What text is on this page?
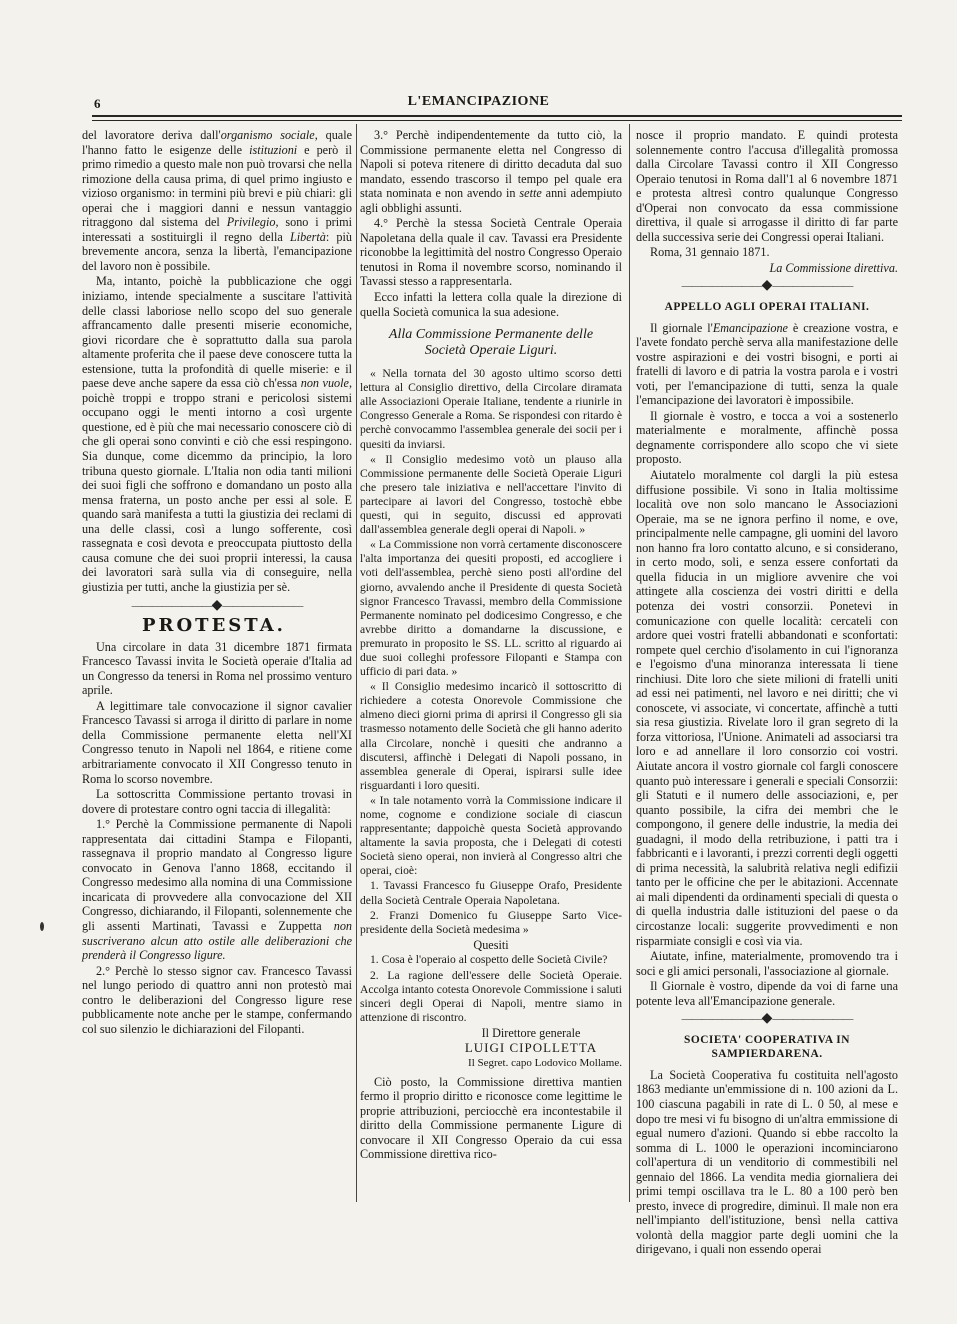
6	L'EMANCIPAZIONE

del lavoratore deriva dall'organismo sociale, quale l'hanno fatto le esigenze delle istituzioni e però il primo rimedio a questo male non può trovarsi che nella rimozione della causa prima, di quel primo ingiusto e vizioso organismo: in termini più brevi e più chiari: gli operai che i maggiori danni e nessun vantaggio ritraggono dal sistema del Privilegio, sono i primi interessati a sostituirgli il regno della Libertà: più brevemente ancora, senza la libertà, l'emancipazione del lavoro non è possibile.

Ma, intanto, poichè la pubblicazione che oggi iniziamo, intende specialmente a suscitare l'attività delle classi laboriose nello scopo del suo generale affrancamento dalle presenti miserie economiche, giovi ricordare che è soprattutto dalla sua parola altamente proferita che il paese deve conoscere tutta la estensione, tutta la profondità di quelle miserie: e il paese deve anche sapere da essa ciò ch'essa non vuole, poichè troppi e troppo strani e pericolosi sistemi occupano oggi le menti intorno a così urgente questione, ed è più che mai necessario conoscere ciò di che gli operai sono convinti e ciò che essi respingono. Sia dunque, come dicemmo da principio, la loro tribuna questo giornale. L'Italia non odia tanti milioni dei suoi figli che soffrono e domandano un posto alla mensa fraterna, un posto anche per essi al sole. E quando sarà manifesta a tutti la giustizia dei reclami di una delle classi, così a lungo sofferente, così rassegnata e così devota e preoccupata piuttosto della causa comune che dei suoi proprii interessi, la causa dei lavoratori sarà sulla via di conseguire, nella giustizia per tutti, anche la giustizia per sè.

———————— ◆ ————————
PROTESTA.

Una circolare in data 31 dicembre 1871 firmata Francesco Tavassi invita le Società operaie d'Italia ad un Congresso da tenersi in Roma nel prossimo venturo aprile.

A legittimare tale convocazione il signor cavalier Francesco Tavassi si arroga il diritto di parlare in nome della Commissione permanente eletta nell'XI Congresso tenuto in Napoli nel 1864, e ritiene come arbitrariamente convocato il XII Congresso tenuto in Roma lo scorso novembre.

La sottoscritta Commissione pertanto trovasi in dovere di protestare contro ogni taccia di illegalità:

1.° Perchè la Commissione permanente di Napoli rappresentata dai cittadini Stampa e Filopanti, rassegnava il proprio mandato al Congresso ligure convocato in Genova l'anno 1868, eccitando il Congresso medesimo alla nomina di una Commissione incaricata di provvedere alla convocazione del XII Congresso, dichiarando, il Filopanti, solennemente che gli assenti Martinati, Tavassi e Zuppetta non suscriverano alcun atto ostile alle deliberazioni che prenderà il Congresso ligure.

2.° Perchè lo stesso signor cav. Francesco Tavassi nel lungo periodo di quattro anni non protestò mai contro le deliberazioni del Congresso ligure rese pubblicamente note anche per le stampe, confermando col suo silenzio le dichiarazioni del Filopanti.

3.° Perchè indipendentemente da tutto ciò, la Commissione permanente eletta nel Congresso di Napoli si poteva ritenere di diritto decaduta dal suo mandato, essendo trascorso il tempo pel quale era stata nominata e non avendo in sette anni adempiuto agli obblighi assunti.

4.° Perchè la stessa Società Centrale Operaia Napoletana della quale il cav. Tavassi era Presidente riconobbe la legittimità del nostro Congresso Operaio tenutosi in Roma il novembre scorso, nominando il Tavassi stesso a rappresentarla.

Ecco infatti la lettera colla quale la direzione di quella Società comunica la sua adesione.

Alla Commissione Permanente delle
Società Operaie Liguri.

« Nella tornata del 30 agosto ultimo scorso detti lettura al Consiglio direttivo, della Circolare diramata alle Associazioni Operaie Italiane, tendente a riunirle in Congresso Generale a Roma. Se rispondesi con ritardo è perchè convocammo l'assemblea generale dei socii per i quesiti da inviarsi.

« Il Consiglio medesimo votò un plauso alla Commissione permanente delle Società Operaie Liguri che presero tale iniziativa e nell'accettare l'invito di partecipare ai lavori del Congresso, tostochè ebbe questi, qui in seguito, discussi ed approvati dall'assemblea generale degli operai di Napoli. »

« La Commissione non vorrà certamente disconoscere l'alta importanza dei quesiti proposti, ed accogliere i voti dell'assemblea, perchè sieno posti all'ordine del giorno, avvalendo anche il Presidente di questa Società signor Francesco Travassi, membro della Commissione Permanente nominato pel dodicesimo Congresso, e che avrebbe diritto a domandarne la discussione, e premurato in proposito le SS. LL. scritto al riguardo ai due suoi colleghi professore Filopanti e Stampa con ufficio di pari data. »

« Il Consiglio medesimo incaricò il sottoscritto di richiedere a cotesta Onorevole Commissione che almeno dieci giorni prima di aprirsi il Congresso gli sia trasmesso notamento delle Società che gli hanno aderito alla Circolare, nonchè i quesiti che andranno a discutersi, affinchè i Delegati di Napoli possano, in assemblea generale di Operai, ispirarsi sulle idee risguardanti i loro quesiti.

« In tale notamento vorrà la Commissione indicare il nome, cognome e condizione sociale di ciascun rappresentante; dappoichè questa Società approvando altamente la savia proposta, che i Delegati di cotesti Società sieno operai, non invierà al Congresso altri che operai, cioè:

1. Tavassi Francesco fu Giuseppe Orafo, Presidente della Società Centrale Operaia Napoletana.

2. Franzi Domenico fu Giuseppe Sarto Vice-presidente della Società medesima »

Quesiti

1. Cosa è l'operaio al cospetto delle Società Civile?

2. La ragione dell'essere delle Società Operaie. Accolga intanto cotesta Onorevole Commissione i saluti sinceri degli Operai di Napoli, mentre siamo in attenzione di riscontro.

Il Direttore generale

LUIGI CIPOLLETTA

Il Segret. capo Lodovico Mollame.

Ciò posto, la Commissione direttiva mantien fermo il proprio diritto e riconosce come legittime le proprie attribuzioni, perciocchè era incontestabile il diritto della Commissione permanente Ligure di convocare il XII Congresso Operaio da cui essa Commissione direttiva rico-

nosce il proprio mandato. E quindi protesta solennemente contro l'accusa d'illegalità promossa dalla Circolare Tavassi contro il XII Congresso Operaio tenutosi in Roma dall'1 al 6 novembre 1871 e protesta altresì contro qualunque Congresso d'Operai non convocato da essa commissione direttiva, il quale si arrogasse il diritto di far parte della successiva serie dei Congressi operai Italiani.

Roma, 31 gennaio 1871.

La Commissione direttiva.

———————— ◆ ————————
APPELLO AGLI OPERAI ITALIANI.

Il giornale l'Emancipazione è creazione vostra, e l'avete fondato perchè serva alla manifestazione delle vostre aspirazioni e dei vostri bisogni, e porti ai fratelli di lavoro e di patria la vostra parola e i vostri voti, per l'emancipazione di tutti, senza la quale l'emancipazione dei lavoratori è impossibile.

Il giornale è vostro, e tocca a voi a sostenerlo materialmente e moralmente, affinchè possa degnamente corrispondere allo scopo che vi siete proposto.

Aiutatelo moralmente col dargli la più estesa diffusione possibile. Vi sono in Italia moltissime località ove non solo mancano le Associazioni Operaie, ma se ne ignora perfino il nome, e ove, principalmente nelle campagne, gli uomini del lavoro non hanno fra loro contatto alcuno, e si considerano, in certo modo, soli, e senza essere confortati da quella fiducia in un migliore avvenire che voi attingete alla coscienza dei vostri diritti e della potenza dei vostri consorzii. Ponetevi in comunicazione con quelle località: cercateli con ardore quei vostri fratelli abbandonati e sconfortati: rompete quel cerchio d'isolamento in cui l'ignoranza e l'egoismo d'una minoranza interessata li tiene rinchiusi. Dite loro che siete milioni di fratelli uniti ad essi nei patimenti, nel lavoro e nei diritti; che vi conoscete, vi associate, vi concertate, affinchè a tutti sia resa giustizia. Rivelate loro il gran segreto di la forza vittoriosa, l'Unione. Animateli ad associarsi tra loro e ad annellare il loro consorzio coi vostri. Aiutate ancora il vostro giornale col fargli conoscere quanto può interessare i generali e speciali Consorzii: gli Statuti e il numero delle associazioni, e, per quanto possibile, la cifra dei membri che le compongono, il genere delle industrie, la media dei guadagni, il modo della retribuzione, i patti tra i fabbricanti e i lavoranti, i prezzi correnti degli oggetti di prima necessità, la salubrità relativa negli edifizii tanto per le officine che per le abitazioni. Accennate ai mali dipendenti da ordinamenti speciali di questa o di quella industria dalle istituzioni del paese o da circostanze locali: suggerite provvedimenti e non risparmiate consigli e così via via.

Aiutate, infine, materialmente, promovendo tra i soci e gli amici personali, l'associazione al giornale.

Il Giornale è vostro, dipende da voi di farne una potente leva all'Emancipazione generale.

———————— ◆ ————————
SOCIETA' COOPERATIVA IN SAMPIERDARENA.

La Società Cooperativa fu costituita nell'agosto 1863 mediante un'emmissione di n. 100 azioni da L. 100 ciascuna pagabili in rate di L. 0 50, al mese e dopo tre mesi vi fu bisogno di un'altra emmissione di egual numero d'azioni. Quando si ebbe raccolto la somma di L. 1000 le operazioni incominciarono coll'apertura di un venditorio di commestibili nel gennaio del 1866. La vendita media giornaliera dei primi tempi oscillava tra le L. 80 a 100 però ben presto, invece di progredire, diminuì. Il male non era nell'impianto dell'istituzione, bensì nella cattiva volontà della maggior parte degli uomini che la dirigevano, i quali non essendo operai
